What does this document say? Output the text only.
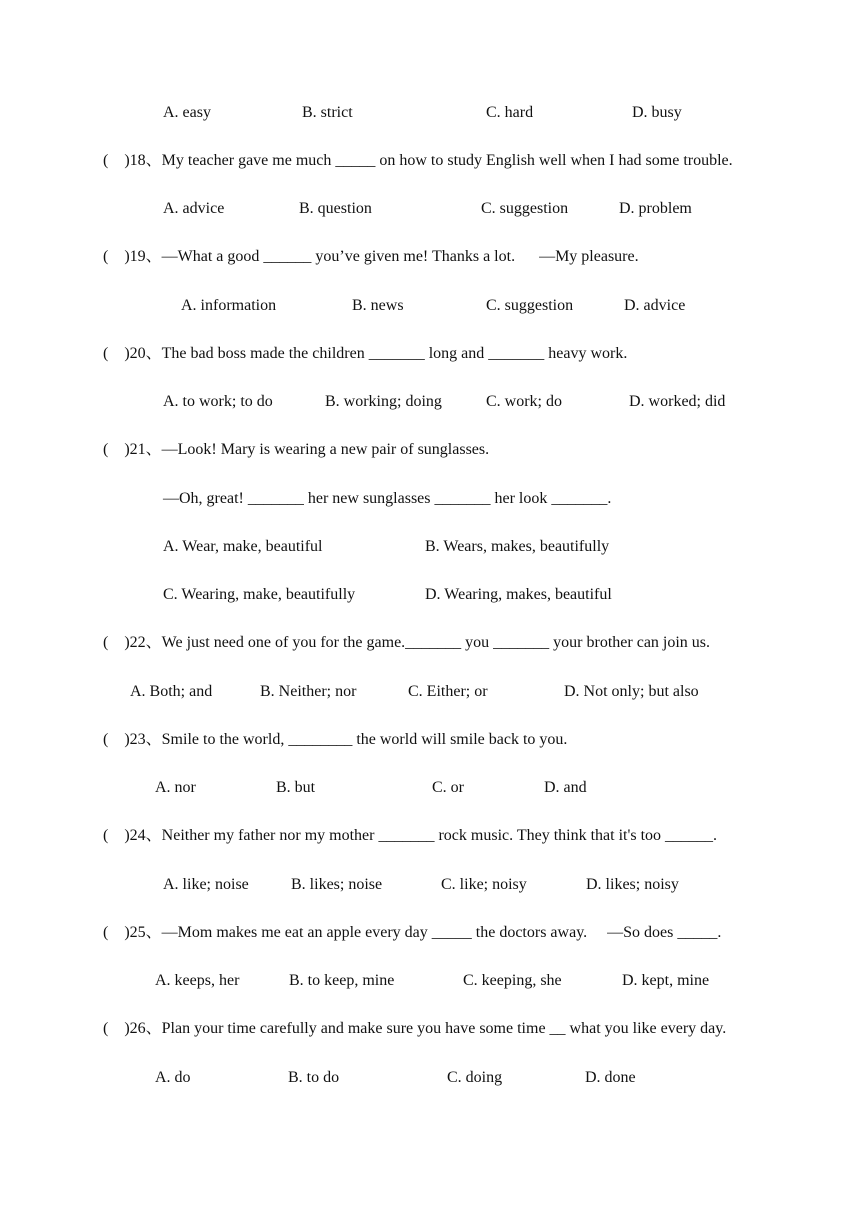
A. easy	B. strict	C. hard	D. busy
(    )18、My teacher gave me much _____ on how to study English well when I had some trouble.
A. advice	B. question	C. suggestion	D. problem
(    )19、—What a good ______ you’ve given me! Thanks a lot.      —My pleasure.
A. information	B. news	C. suggestion	D. advice
(    )20、The bad boss made the children _______ long and _______ heavy work.
A. to work; to do	B. working; doing	C. work; do	D. worked; did
(    )21、—Look! Mary is wearing a new pair of sunglasses.
—Oh, great! _______ her new sunglasses _______ her look _______.
A. Wear, make, beautiful	B. Wears, makes, beautifully
C. Wearing, make, beautifully	D. Wearing, makes, beautiful
(    )22、We just need one of you for the game._______ you _______ your brother can join us.
A. Both; and	B. Neither; nor	C. Either; or	D. Not only; but also
(    )23、Smile to the world, ________ the world will smile back to you.
A. nor	B. but	C. or	D. and
(    )24、Neither my father nor my mother _______ rock music. They think that it's too ______.
A. like; noise	B. likes; noise	C. like; noisy	D. likes; noisy
(    )25、—Mom makes me eat an apple every day _____ the doctors away.     —So does _____.
A. keeps, her	B. to keep, mine	C. keeping, she	D. kept, mine
(    )26、Plan your time carefully and make sure you have some time __ what you like every day.
A. do	B. to do	C. doing	D. done
